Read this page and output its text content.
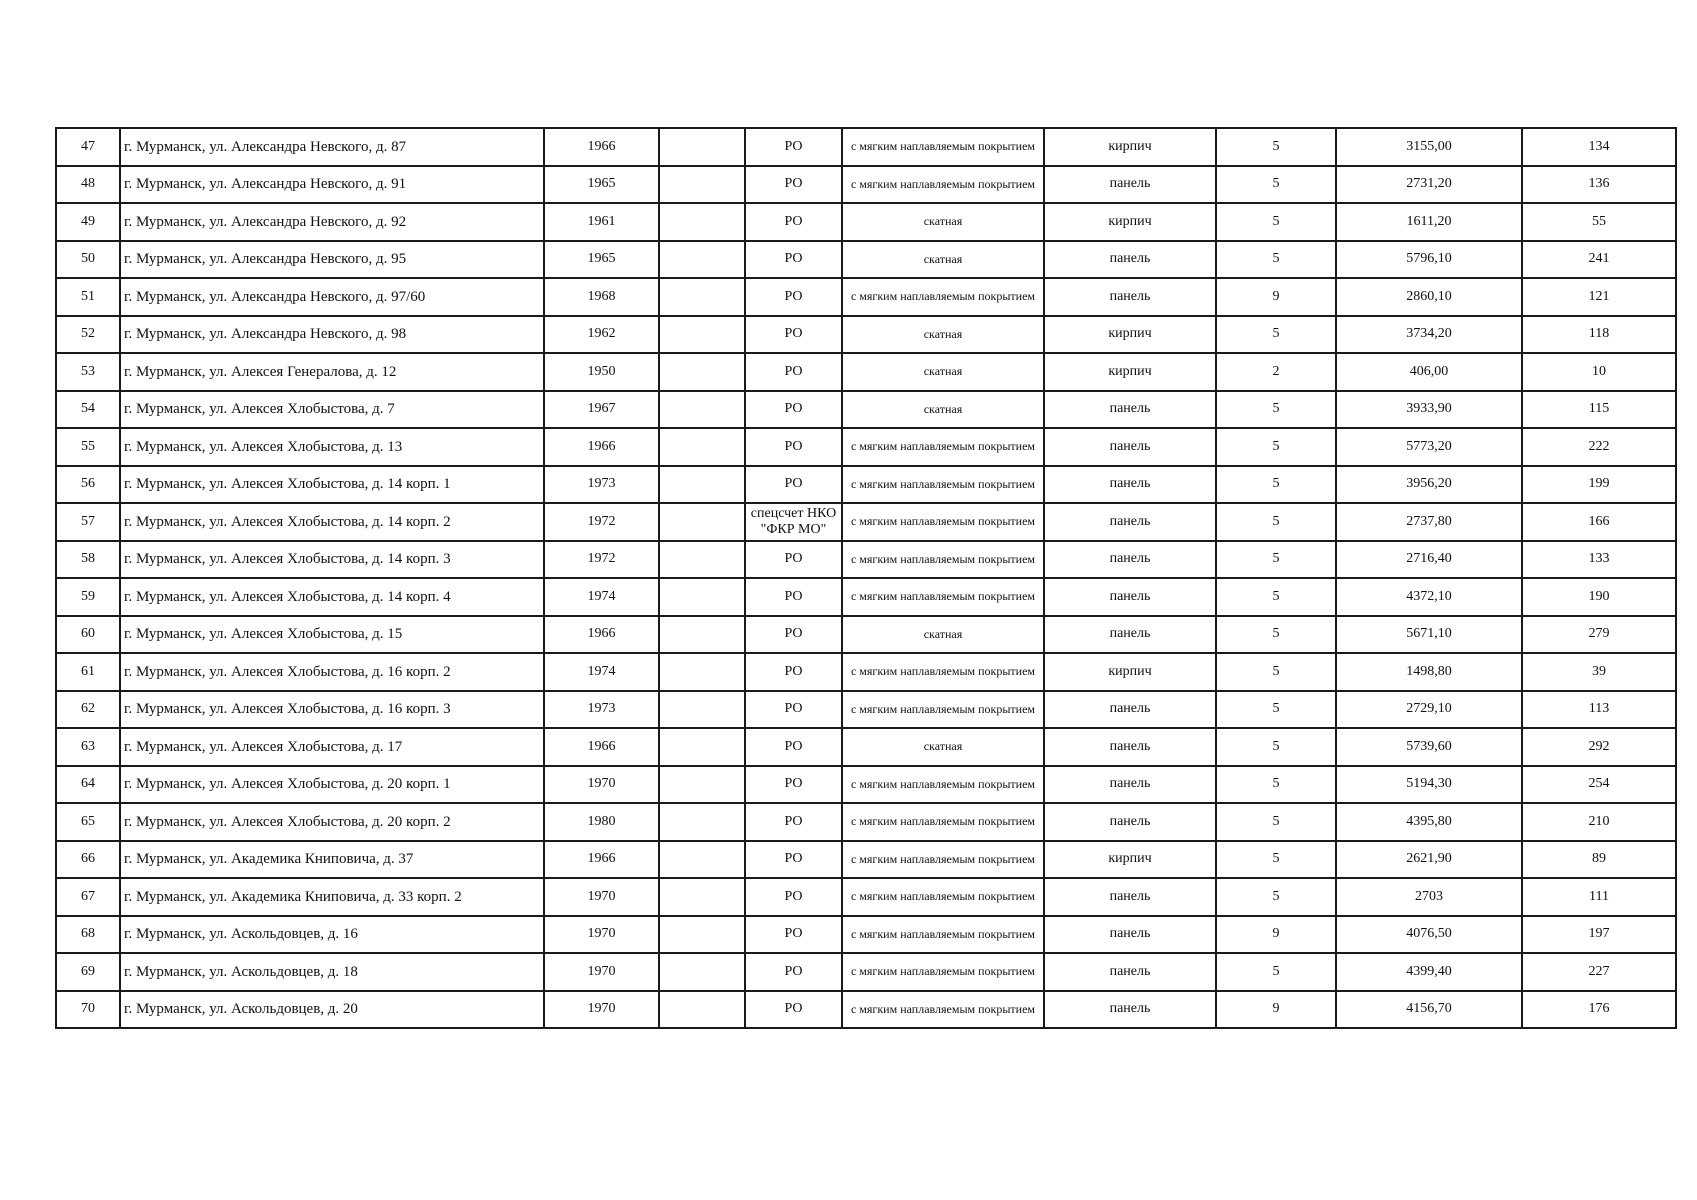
47	г. Мурманск, ул. Александра Невского, д. 87	1966		РО	с мягким наплавляемым покрытием	кирпич	5	3155,00	134
48	г. Мурманск, ул. Александра Невского, д. 91	1965		РО	с мягким наплавляемым покрытием	панель	5	2731,20	136
49	г. Мурманск, ул. Александра Невского, д. 92	1961		РО	скатная	кирпич	5	1611,20	55
50	г. Мурманск, ул. Александра Невского, д. 95	1965		РО	скатная	панель	5	5796,10	241
51	г. Мурманск, ул. Александра Невского, д. 97/60	1968		РО	с мягким наплавляемым покрытием	панель	9	2860,10	121
52	г. Мурманск, ул. Александра Невского, д. 98	1962		РО	скатная	кирпич	5	3734,20	118
53	г. Мурманск, ул. Алексея Генералова, д. 12	1950		РО	скатная	кирпич	2	406,00	10
54	г. Мурманск, ул. Алексея Хлобыстова, д. 7	1967		РО	скатная	панель	5	3933,90	115
55	г. Мурманск, ул. Алексея Хлобыстова, д. 13	1966		РО	с мягким наплавляемым покрытием	панель	5	5773,20	222
56	г. Мурманск, ул. Алексея Хлобыстова, д. 14 корп. 1	1973		РО	с мягким наплавляемым покрытием	панель	5	3956,20	199
57	г. Мурманск, ул. Алексея Хлобыстова, д. 14 корп. 2	1972		спецсчет НКО "ФКР МО"	с мягким наплавляемым покрытием	панель	5	2737,80	166
58	г. Мурманск, ул. Алексея Хлобыстова, д. 14 корп. 3	1972		РО	с мягким наплавляемым покрытием	панель	5	2716,40	133
59	г. Мурманск, ул. Алексея Хлобыстова, д. 14 корп. 4	1974		РО	с мягким наплавляемым покрытием	панель	5	4372,10	190
60	г. Мурманск, ул. Алексея Хлобыстова, д. 15	1966		РО	скатная	панель	5	5671,10	279
61	г. Мурманск, ул. Алексея Хлобыстова, д. 16 корп. 2	1974		РО	с мягким наплавляемым покрытием	кирпич	5	1498,80	39
62	г. Мурманск, ул. Алексея Хлобыстова, д. 16 корп. 3	1973		РО	с мягким наплавляемым покрытием	панель	5	2729,10	113
63	г. Мурманск, ул. Алексея Хлобыстова, д. 17	1966		РО	скатная	панель	5	5739,60	292
64	г. Мурманск, ул. Алексея Хлобыстова, д. 20 корп. 1	1970		РО	с мягким наплавляемым покрытием	панель	5	5194,30	254
65	г. Мурманск, ул. Алексея Хлобыстова, д. 20 корп. 2	1980		РО	с мягким наплавляемым покрытием	панель	5	4395,80	210
66	г. Мурманск, ул. Академика Книповича, д. 37	1966		РО	с мягким наплавляемым покрытием	кирпич	5	2621,90	89
67	г. Мурманск, ул. Академика Книповича, д. 33 корп. 2	1970		РО	с мягким наплавляемым покрытием	панель	5	2703	111
68	г. Мурманск, ул. Аскольдовцев, д. 16	1970		РО	с мягким наплавляемым покрытием	панель	9	4076,50	197
69	г. Мурманск, ул. Аскольдовцев, д. 18	1970		РО	с мягким наплавляемым покрытием	панель	5	4399,40	227
70	г. Мурманск, ул. Аскольдовцев, д. 20	1970		РО	с мягким наплавляемым покрытием	панель	9	4156,70	176
